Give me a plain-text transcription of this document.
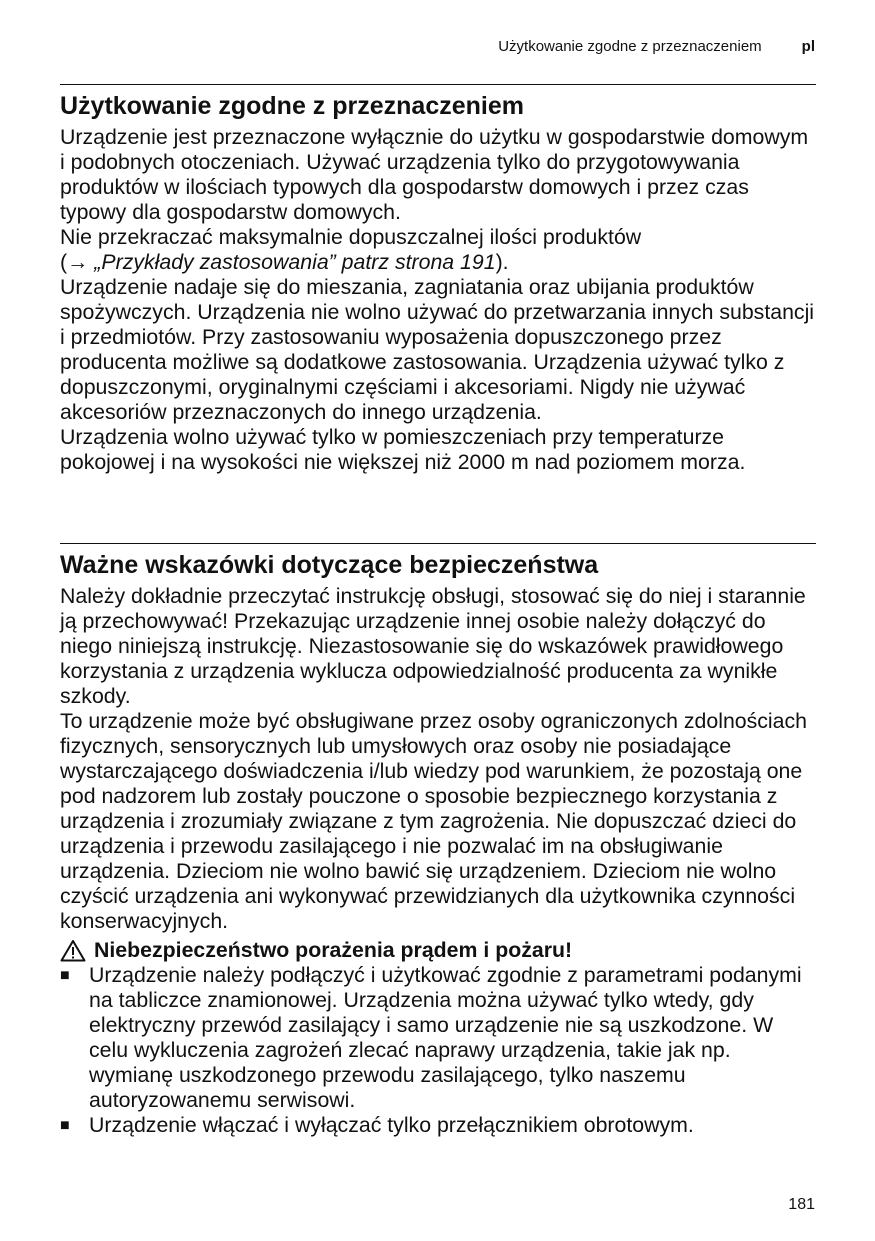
Użytkowanie zgodne z przeznaczeniem	pl
Użytkowanie zgodne z przeznaczeniem

Urządzenie jest przeznaczone wyłącznie do użytku w gospodarstwie domowym i podobnych otoczeniach. Używać urządzenia tylko do przygotowywania produktów w ilościach typowych dla gospodarstw domowych i przez czas typowy dla gospodarstw domowych.

Nie przekraczać maksymalnie dopuszczalnej ilości produktów
(→ „Przykłady zastosowania” patrz strona 191).

Urządzenie nadaje się do mieszania, zagniatania oraz ubijania produktów spożywczych. Urządzenia nie wolno używać do przetwarzania innych substancji i przedmiotów. Przy zastosowaniu wyposażenia dopuszczonego przez producenta możliwe są dodatkowe zastosowania. Urządzenia używać tylko z dopuszczonymi, oryginalnymi częściami i akcesoriami. Nigdy nie używać akcesoriów przeznaczonych do innego urządzenia.

Urządzenia wolno używać tylko w pomieszczeniach przy temperaturze pokojowej i na wysokości nie większej niż 2000 m nad poziomem morza.

Ważne wskazówki dotyczące bezpieczeństwa

Należy dokładnie przeczytać instrukcję obsługi, stosować się do niej i starannie ją przechowywać! Przekazując urządzenie innej osobie należy dołączyć do niego niniejszą instrukcję. Niezastosowanie się do wskazówek prawidłowego korzystania z urządzenia wyklucza odpowiedzialność producenta za wynikłe szkody.

To urządzenie może być obsługiwane przez osoby ograniczonych zdolnościach fizycznych, sensorycznych lub umysłowych oraz osoby nie posiadające wystarczającego doświadczenia i/lub wiedzy pod warunkiem, że pozostają one pod nadzorem lub zostały pouczone o sposobie bezpiecznego korzystania z urządzenia i zrozumiały związane z tym zagrożenia. Nie dopuszczać dzieci do urządzenia i przewodu zasilającego i nie pozwalać im na obsługiwanie urządzenia. Dzieciom nie wolno bawić się urządzeniem. Dzieciom nie wolno czyścić urządzenia ani wykonywać przewidzianych dla użytkownika czynności konserwacyjnych.

Niebezpieczeństwo porażenia prądem i pożaru!
■ Urządzenie należy podłączyć i użytkować zgodnie z parametrami podanymi na tabliczce znamionowej. Urządzenia można używać tylko wtedy, gdy elektryczny przewód zasilający i samo urządzenie nie są uszkodzone. W celu wykluczenia zagrożeń zlecać naprawy urządzenia, takie jak np. wymianę uszkodzonego przewodu zasilającego, tylko naszemu autoryzowanemu serwisowi.
■ Urządzenie włączać i wyłączać tylko przełącznikiem obrotowym.
181
